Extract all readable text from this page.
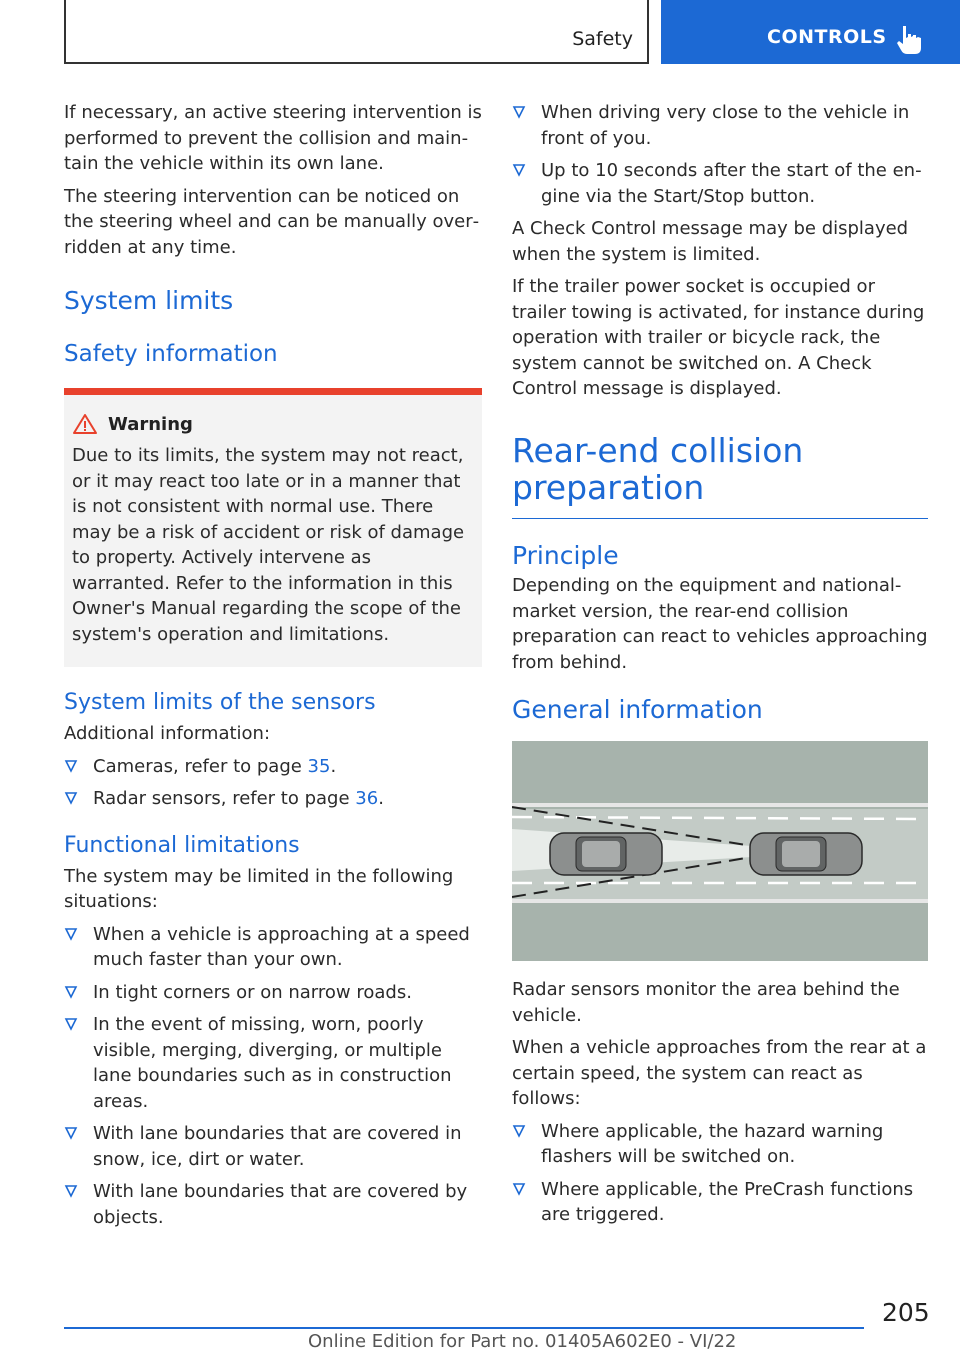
Safety	CONTROLS

If necessary, an active steering intervention is performed to prevent the collision and maintain the vehicle within its own lane.

The steering intervention can be noticed on the steering wheel and can be manually overridden at any time.

System limits
Safety information
Warning

Due to its limits, the system may not react, or it may react too late or in a manner that is not consistent with normal use. There may be a risk of accident or risk of damage to property. Actively intervene as warranted. Refer to the information in this Owner's Manual regarding the scope of the system's operation and limitations.

System limits of the sensors

Additional information:

Cameras, refer to page 35.
Radar sensors, refer to page 36.
Functional limitations

The system may be limited in the following situations:

When a vehicle is approaching at a speed much faster than your own.
In tight corners or on narrow roads.
In the event of missing, worn, poorly visible, merging, diverging, or multiple lane boundaries such as in construction areas.
With lane boundaries that are covered in snow, ice, dirt or water.
With lane boundaries that are covered by objects.
When driving very close to the vehicle in front of you.
Up to 10 seconds after the start of the engine via the Start/Stop button.

A Check Control message may be displayed when the system is limited.

If the trailer power socket is occupied or trailer towing is activated, for instance during operation with trailer or bicycle rack, the system cannot be switched on. A Check Control message is displayed.

Rear-end collision
preparation
Principle

Depending on the equipment and national-market version, the rear-end collision preparation can react to vehicles approaching from behind.

General information

Radar sensors monitor the area behind the vehicle.

When a vehicle approaches from the rear at a certain speed, the system can react as follows:

Where applicable, the hazard warning flashers will be switched on.
Where applicable, the PreCrash functions are triggered.
205
Online Edition for Part no. 01405A602E0 - VI/22
